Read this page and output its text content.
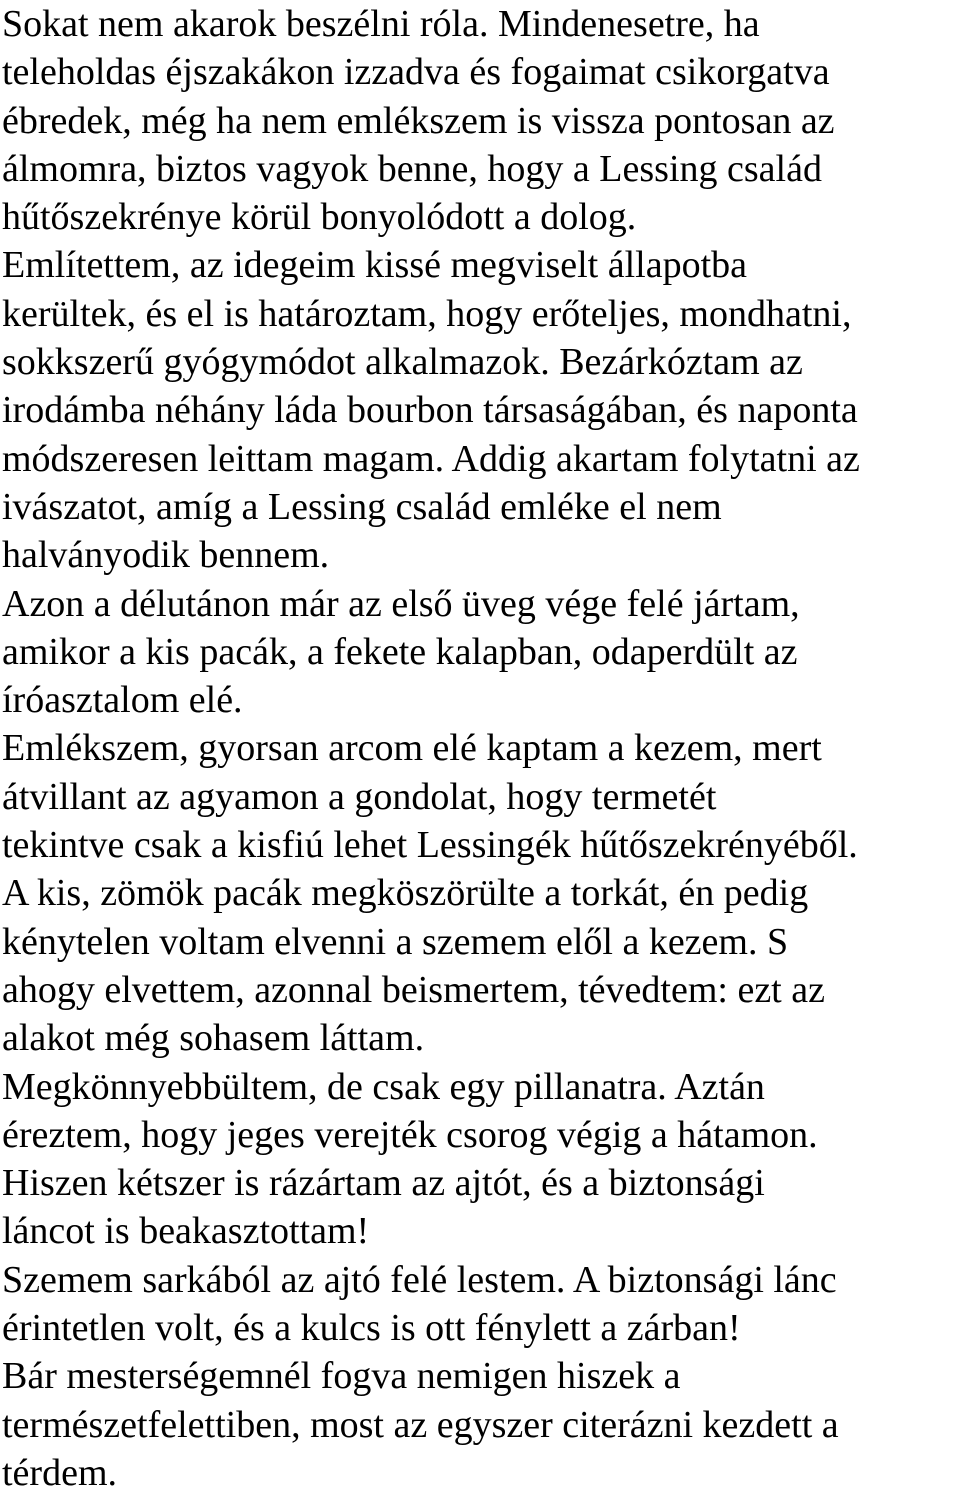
Sokat nem akarok beszélni róla. Mindenesetre, ha
teleholdas éjszakákon izzadva és fogaimat csikorgatva
ébredek, még ha nem emlékszem is vissza pontosan az
álmomra, biztos vagyok benne, hogy a Lessing család
hűtőszekrénye körül bonyolódott a dolog.
Említettem, az idegeim kissé megviselt állapotba
kerültek, és el is határoztam, hogy erőteljes, mondhatni,
sokkszerű gyógymódot alkalmazok. Bezárkóztam az
irodámba néhány láda bourbon társaságában, és naponta
módszeresen leittam magam. Addig akartam folytatni az
ivászatot, amíg a Lessing család emléke el nem
halványodik bennem.
Azon a délutánon már az első üveg vége felé jártam,
amikor a kis pacák, a fekete kalapban, odaperdült az
íróasztalom elé.
Emlékszem, gyorsan arcom elé kaptam a kezem, mert
átvillant az agyamon a gondolat, hogy termetét
tekintve csak a kisfiú lehet Lessingék hűtőszekrényéből.
A kis, zömök pacák megköszörülte a torkát, én pedig
kénytelen voltam elvenni a szemem elől a kezem. S
ahogy elvettem, azonnal beismertem, tévedtem: ezt az
alakot még sohasem láttam.
Megkönnyebbültem, de csak egy pillanatra. Aztán
éreztem, hogy jeges verejték csorog végig a hátamon.
Hiszen kétszer is rázártam az ajtót, és a biztonsági
láncot is beakasztottam!
Szemem sarkából az ajtó felé lestem. A biztonsági lánc
érintetlen volt, és a kulcs is ott fénylett a zárban!
Bár mesterségemnél fogva nemigen hiszek a
természetfelettiben, most az egyszer citerázni kezdett a
térdem.
